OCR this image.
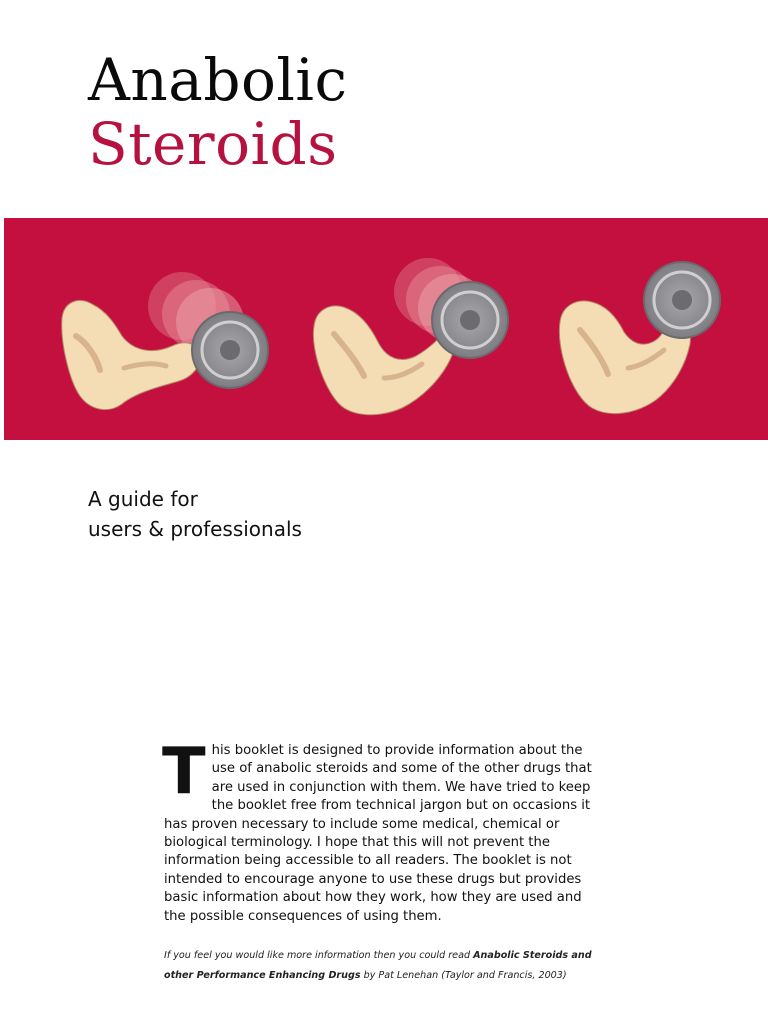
Anabolic
Steroids
A guide for
users & professionals
T his booklet is designed to provide information about the use of anabolic steroids and some of the other drugs that are used in conjunction with them. We have tried to keep the booklet free from technical jargon but on occasions it has proven necessary to include some medical, chemical or biological terminology. I hope that this will not prevent the information being accessible to all readers. The booklet is not intended to encourage anyone to use these drugs but provides basic information about how they work, how they are used and the possible consequences of using them.

If you feel you would like more information then you could read Anabolic Steroids and other Performance Enhancing Drugs by Pat Lenehan (Taylor and Francis, 2003)
